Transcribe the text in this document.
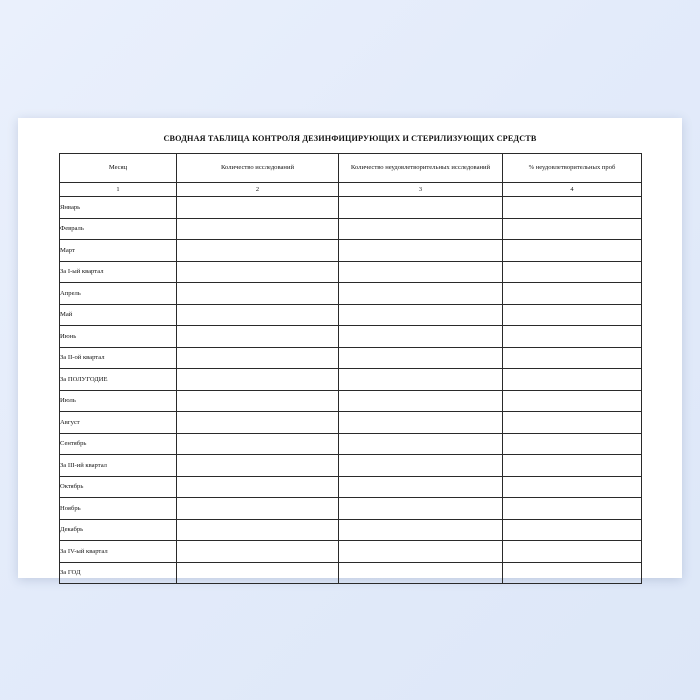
СВОДНАЯ ТАБЛИЦА КОНТРОЛЯ ДЕЗИНФИЦИРУЮЩИХ И СТЕРИЛИЗУЮЩИХ СРЕДСТВ
Месяц	Количество исследований	Количество неудовлетворительных исследований	% неудовлетворительных проб
1	2	3	4
Январь			
Февраль			
Март			
За I-ый квартал			
Апрель			
Май			
Июнь			
За II-ой квартал			
За ПОЛУГОДИЕ			
Июль			
Август			
Сентябрь			
За III-ий квартал			
Октябрь			
Ноябрь			
Декабрь			
За IV-ый квартал			
За ГОД			
